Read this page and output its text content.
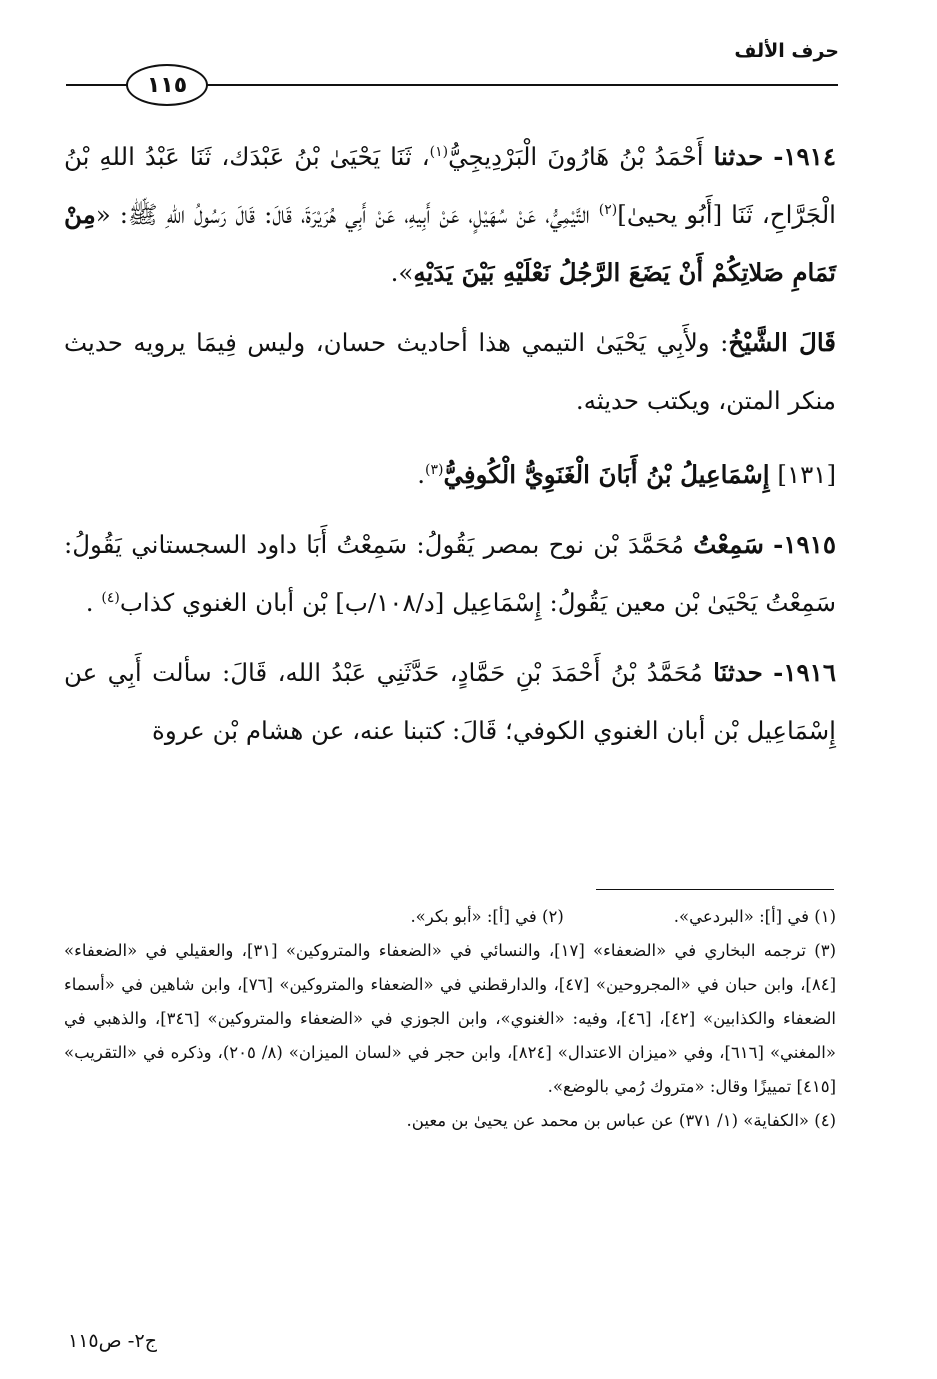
حرف الألف
١١٥

١٩١٤- حدثنا أَحْمَدُ بْنُ هَارُونَ الْبَرْدِيجِيُّ$^{(١)}$، ثَنَا يَحْيَىٰ بْنُ عَبْدَك، ثَنَا عَبْدُ اللهِ بْنُ الْجَرَّاحِ، ثَنَا [أَبُو يحيىٰ]$^{(٢)}$ التَّيْمِيُّ، عَنْ سُهَيْلٍ، عَنْ أَبِيهِ، عَنْ أَبِي هُرَيْرَةَ، قَالَ: قَالَ رَسُولُ اللهِ ﷺ: «مِنْ تَمَامِ صَلاتِكُمْ أَنْ يَضَعَ الرَّجُلُ نَعْلَيْهِ بَيْنَ يَدَيْهِ».

قَالَ الشَّيْخُ: ولأَبِي يَحْيَىٰ التيمي هذا أحاديث حسان، وليس فِيمَا يرويه حديث منكر المتن، ويكتب حديثه.

[١٣١] إِسْمَاعِيلُ بْنُ أَبَانَ الْغَنَوِيُّ الْكُوفِيُّ$^{(٣)}$.

١٩١٥- سَمِعْتُ مُحَمَّدَ بْن نوح بمصر يَقُولُ: سَمِعْتُ أَبَا داود السجستاني يَقُولُ: سَمِعْتُ يَحْيَىٰ بْن معين يَقُولُ: إِسْمَاعِيل [د/١٠٨/ب] بْن أبان الغنوي كذاب$^{(٤)}$ .

١٩١٦- حدثنَا مُحَمَّدُ بْنُ أَحْمَدَ بْنِ حَمَّادٍ، حَدَّثَنِي عَبْدُ الله، قَالَ: سألت أَبِي عن إِسْمَاعِيل بْن أبان الغنوي الكوفي؛ قَالَ: كتبنا عنه، عن هشام بْن عروة

(١) في [أ]: «البردعي».
(٢) في [أ]: «أبو بكر».

(٣) ترجمه البخاري في «الضعفاء» [١٧]، والنسائي في «الضعفاء والمتروكين» [٣١]، والعقيلي في «الضعفاء» [٨٤]، وابن حبان في «المجروحين» [٤٧]، والدارقطني في «الضعفاء والمتروكين» [٧٦]، وابن شاهين في «أسماء الضعفاء والكذابين» [٤٢]، [٤٦]، وفيه: «الغنوي»، وابن الجوزي في «الضعفاء والمتروكين» [٣٤٦]، والذهبي في «المغني» [٦١٦]، وفي «ميزان الاعتدال» [٨٢٤]، وابن حجر في «لسان الميزان» (٨/ ٢٠٥)، وذكره في «التقريب» [٤١٥] تمييزًا وقال: «متروك رُمي بالوضع».

(٤) «الكفاية» (١/ ٣٧١) عن عباس بن محمد عن يحيىٰ بن معين.

ج٢- ص١١٥
